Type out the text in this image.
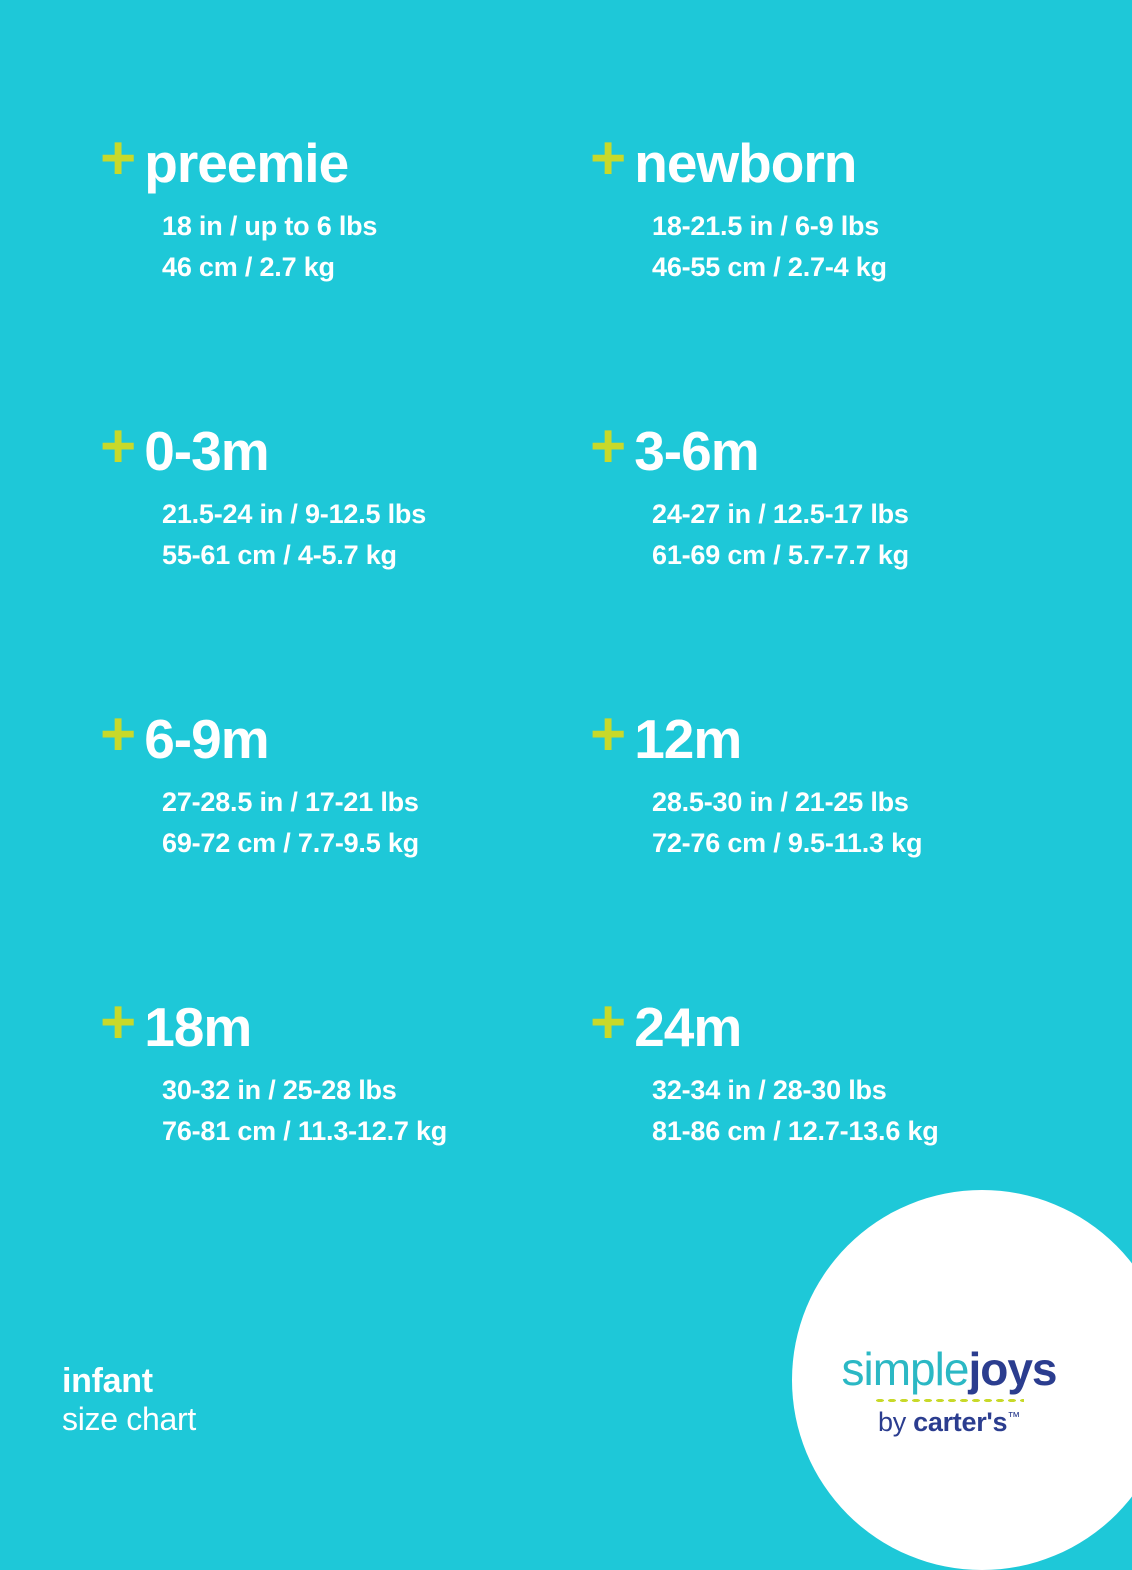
+ preemie
18 in / up to 6 lbs
46 cm / 2.7 kg
+ newborn
18-21.5 in / 6-9 lbs
46-55 cm / 2.7-4 kg
+ 0-3m
21.5-24 in / 9-12.5 lbs
55-61 cm / 4-5.7 kg
+ 3-6m
24-27 in / 12.5-17 lbs
61-69 cm / 5.7-7.7 kg
+ 6-9m
27-28.5 in / 17-21 lbs
69-72 cm / 7.7-9.5 kg
+ 12m
28.5-30 in / 21-25 lbs
72-76 cm / 9.5-11.3 kg
+ 18m
30-32 in / 25-28 lbs
76-81 cm / 11.3-12.7 kg
+ 24m
32-34 in / 28-30 lbs
81-86 cm / 12.7-13.6 kg
infant
size chart
simplejoys
by carter's™
